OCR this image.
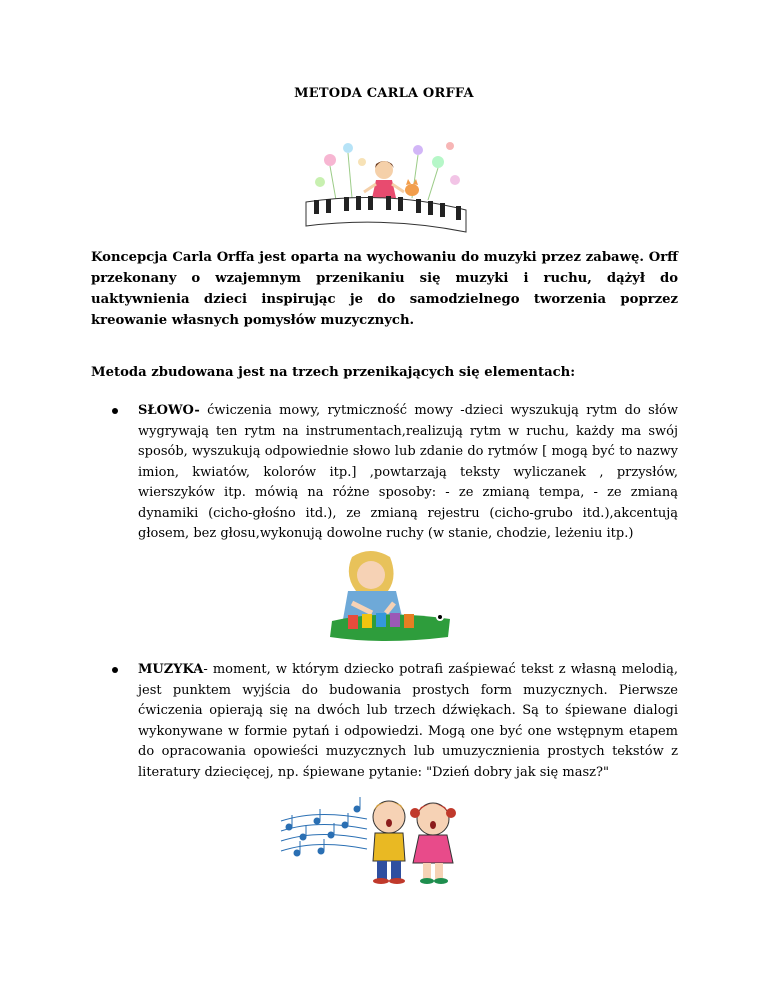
METODA CARLA ORFFA

Koncepcja Carla Orffa jest oparta na wychowaniu do muzyki przez zabawę. Orff przekonany o wzajemnym przenikaniu się muzyki i ruchu, dążył do uaktywnienia dzieci inspirując je do samodzielnego tworzenia poprzez kreowanie własnych pomysłów muzycznych.

Metoda zbudowana jest na trzech przenikających się elementach:

SŁOWO- ćwiczenia mowy, rytmiczność mowy -dzieci wyszukują rytm do słów wygrywają ten rytm na instrumentach,realizują rytm w ruchu, każdy ma swój sposób, wyszukują odpowiednie słowo lub zdanie do rytmów [ mogą być to nazwy imion, kwiatów, kolorów itp.] ,powtarzają teksty wyliczanek , przysłów, wierszyków itp. mówią na różne sposoby: - ze zmianą tempa, - ze zmianą dynamiki (cicho-głośno itd.), ze zmianą rejestru (cicho-grubo itd.),akcentują głosem, bez głosu,wykonują dowolne ruchy (w stanie, chodzie, leżeniu itp.)
MUZYKA- moment, w którym dziecko potrafi zaśpiewać tekst z własną melodią, jest punktem wyjścia do budowania prostych form muzycznych. Pierwsze ćwiczenia opierają się na dwóch lub trzech dźwiękach. Są to śpiewane dialogi wykonywane w formie pytań i odpowiedzi. Mogą one być one wstępnym etapem do opracowania opowieści muzycznych lub umuzycznienia prostych tekstów z literatury dziecięcej, np. śpiewane pytanie: "Dzień dobry jak się masz?"
